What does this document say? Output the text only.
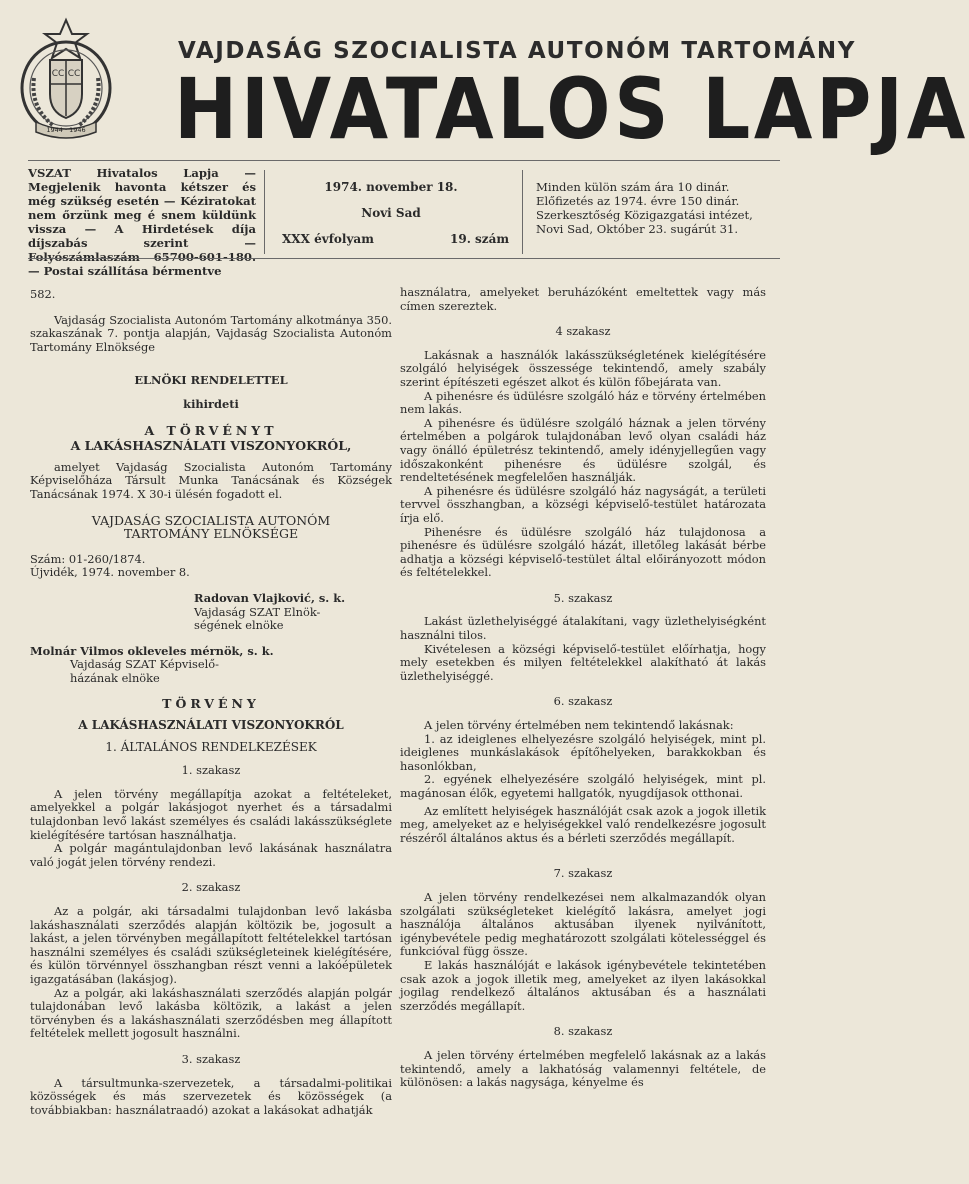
СС СС
1944 · 1946
VAJDASÁG SZOCIALISTA AUTONÓM TARTOMÁNY
HIVATALOS LAPJA
VSZAT Hivatalos Lapja — Megjelenik havonta kétszer és még szükség esetén — Kéziratokat nem őrzünk meg é snem küldünk vissza — A Hirdetések díja díjszabás szerint — Folyószámlaszám 65700-601-180. — Postai szállítása bérmentve
1974. november 18.
Novi Sad
XXX évfolyam	19. szám

Minden külön szám ára 10 dinár.

Előfizetés az 1974. évre 150 dinár.

Szerkesztőség Közigazgatási intézet, Novi Sad, Október 23. sugárút 31.

582.

Vajdaság Szocialista Autonóm Tartomány alkotmánya 350. szakaszának 7. pontja alapján, Vajdaság Szocialista Autonóm Tartomány Elnöksége

ELNÖKI RENDELETTEL

kihirdeti

A TÖRVÉNYT

A LAKÁSHASZNÁLATI VISZONYOKRÓL,

amelyet Vajdaság Szocialista Autonóm Tartomány Képviselőháza Társult Munka Tanácsának és Községek Tanácsának 1974. X 30-i ülésén fogadott el.

VAJDASÁG SZOCIALISTA AUTONÓM

TARTOMÁNY ELNÖKSÉGE

Szám: 01-260/1874.

Újvidék, 1974. november 8.

Radovan Vlajković, s. k.

Vajdaság SZAT Elnök-

ségének elnöke

Molnár Vilmos okleveles mérnök, s. k.

Vajdaság SZAT Képviselő-

házának elnöke

TÖRVÉNY

A LAKÁSHASZNÁLATI VISZONYOKRÓL

1. ÁLTALÁNOS RENDELKEZÉSEK

1. szakasz

A jelen törvény megállapítja azokat a feltételeket, amelyekkel a polgár lakásjogot nyerhet és a társadalmi tulajdonban levő lakást személyes és családi lakásszükséglete kielégítésére tartósan használhatja.

A polgár magántulajdonban levő lakásának használatra való jogát jelen törvény rendezi.

2. szakasz

Az a polgár, aki társadalmi tulajdonban levő lakásba lakáshasználati szerződés alapján költözik be, jogosult a lakást, a jelen törvényben megállapított feltételekkel tartósan használni személyes és családi szükségleteinek kielégítésére, és külön törvénnyel összhangban részt venni a lakóépületek igazgatásában (lakásjog).

Az a polgár, aki lakáshasználati szerződés alapján polgár tulajdonában levő lakásba költözik, a lakást a jelen törvényben és a lakáshasználati szerződésben meg állapított feltételek mellett jogosult használni.

3. szakasz

A társultmunka-szervezetek, a társadalmi-politikai közösségek és más szervezetek és közösségek (a továbbiakban: használatraadó) azokat a lakásokat adhatják

használatra, amelyeket beruházóként emeltettek vagy más címen szereztek.

4 szakasz

Lakásnak a használók lakásszükségletének kielégítésére szolgáló helyiségek összessége tekintendő, amely szabály szerint építészeti egészet alkot és külön főbejárata van.

A pihenésre és üdülésre szolgáló ház e törvény értelmében nem lakás.

A pihenésre és üdülésre szolgáló háznak a jelen törvény értelmében a polgárok tulajdonában levő olyan családi ház vagy önálló épületrész tekintendő, amely idényjellegűen vagy időszakonként pihenésre és üdülésre szolgál, és rendeltetésének megfelelően használják.

A pihenésre és üdülésre szolgáló ház nagyságát, a területi tervvel összhangban, a községi képviselő-testület határozata írja elő.

Pihenésre és üdülésre szolgáló ház tulajdonosa a pihenésre és üdülésre szolgáló házát, illetőleg lakását bérbe adhatja a községi képviselő-testület által előirányozott módon és feltételekkel.

5. szakasz

Lakást üzlethelyiséggé átalakítani, vagy üzlethelyiségként használni tilos.

Kivételesen a községi képviselő-testület előírhatja, hogy mely esetekben és milyen feltételekkel alakítható át lakás üzlethelyiséggé.

6. szakasz

A jelen törvény értelmében nem tekintendő lakásnak:

1. az ideiglenes elhelyezésre szolgáló helyiségek, mint pl. ideiglenes munkáslakások építőhelyeken, barakkokban és hasonlókban,

2. egyének elhelyezésére szolgáló helyiségek, mint pl. magánosan élők, egyetemi hallgatók, nyugdíjasok otthonai.

Az említett helyiségek használóját csak azok a jogok illetik meg, amelyeket az e helyiségekkel való rendelkezésre jogosult részéről általános aktus és a bérleti szerződés megállapít.

7. szakasz

A jelen törvény rendelkezései nem alkalmazandók olyan szolgálati szükségleteket kielégítő lakásra, amelyet jogi használója általános aktusában ilyenek nyilvánított, igénybevétele pedig meghatározott szolgálati kötelességgel és funkcióval függ össze.

E lakás használóját e lakások igénybevétele tekintetében csak azok a jogok illetik meg, amelyeket az ilyen lakásokkal jogilag rendelkező általános aktusában és a használati szerződés megállapít.

8. szakasz

A jelen törvény értelmében megfelelő lakásnak az a lakás tekintendő, amely a lakhatóság valamennyi feltétele, de különösen: a lakás nagysága, kényelme és
